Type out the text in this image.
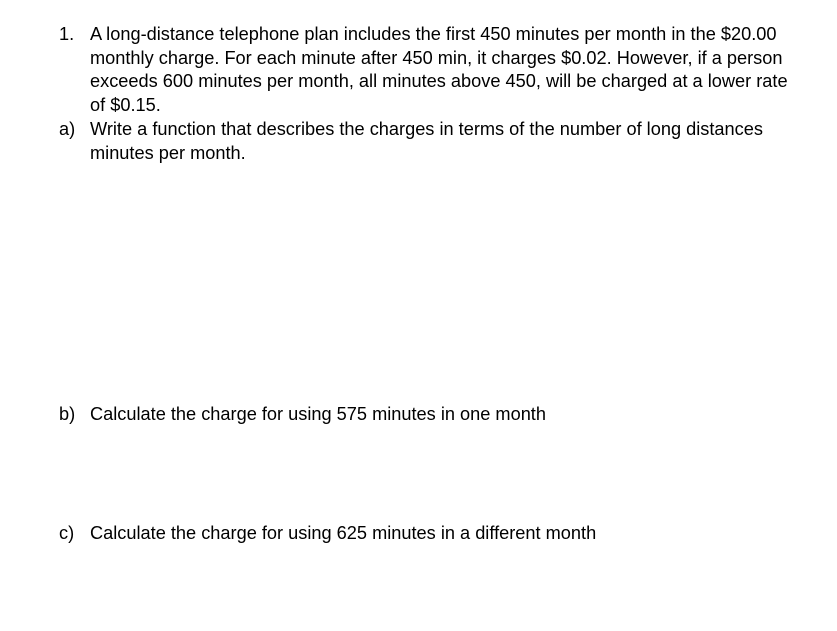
1. A long-distance telephone plan includes the first 450 minutes per month in the $20.00 monthly charge. For each minute after 450 min, it charges $0.02. However, if a person exceeds 600 minutes per month, all minutes above 450, will be charged at a lower rate of $0.15.
a) Write a function that describes the charges in terms of the number of long distances minutes per month.
b) Calculate the charge for using 575 minutes in one month
c) Calculate the charge for using 625 minutes in a different month
